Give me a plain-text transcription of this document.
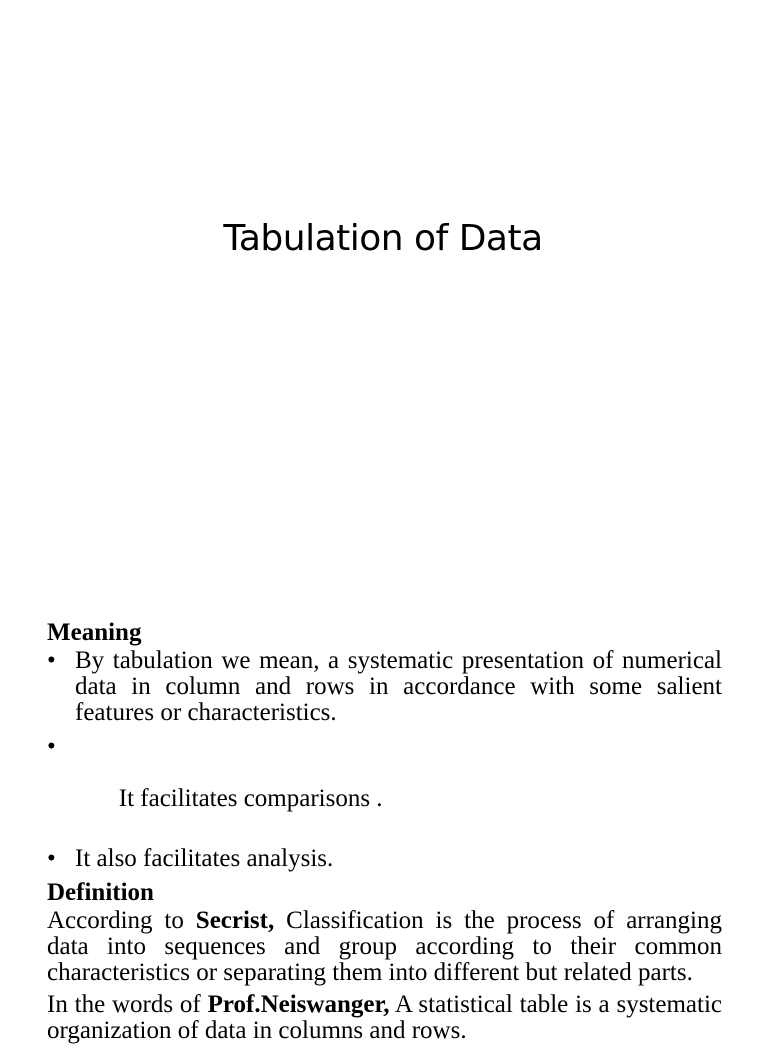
Tabulation of Data
Meaning
• By tabulation we mean, a systematic presentation of numerical data in column and rows in accordance with some salient features or characteristics.

•

It facilitates comparisons .

• It also facilitates analysis.
Definition

According to Secrist, Classification is the process of arranging data into sequences and group according to their common characteristics or separating them into different but related parts.

In the words of Prof.Neiswanger, A statistical table is a systematic organization of data in columns and rows.
